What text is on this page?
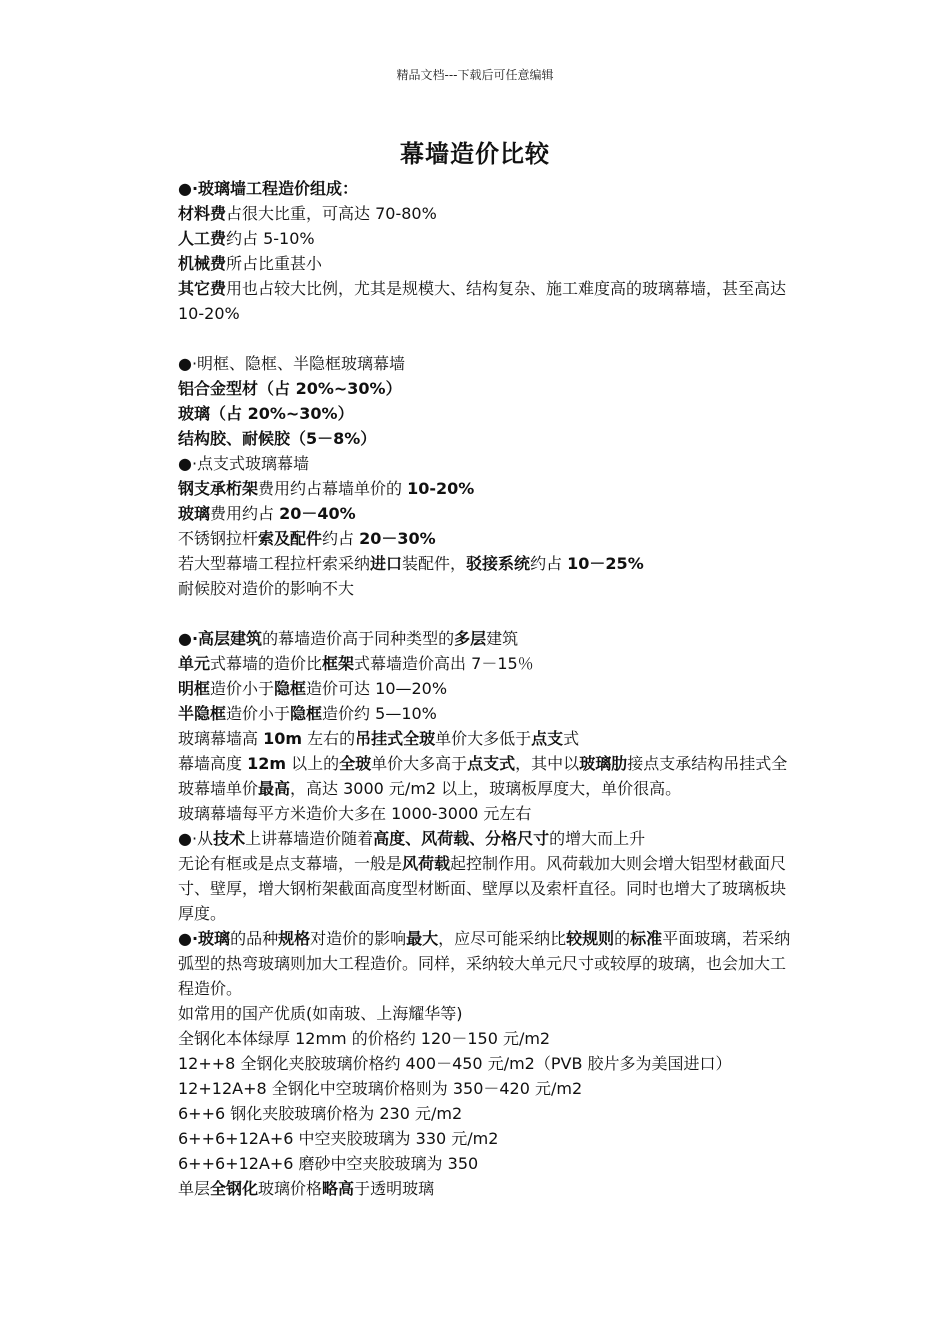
精品文档---下载后可任意编辑
幕墙造价比较
●·玻璃墙工程造价组成：
材料费占很大比重，可高达 70-80%
人工费约占 5-10%
机械费所占比重甚小
其它费用也占较大比例，尤其是规模大、结构复杂、施工难度高的玻璃幕墙，甚至高达 10-20%
●·明框、隐框、半隐框玻璃幕墙
铝合金型材（占 20%~30%）
玻璃（占 20%~30%）
结构胶、耐候胶（5－8%）
●·点支式玻璃幕墙
钢支承桁架费用约占幕墙单价的 10-20%
玻璃费用约占 20－40%
不锈钢拉杆索及配件约占 20－30%
若大型幕墙工程拉杆索采纳进口装配件，驳接系统约占 10－25%
耐候胶对造价的影响不大
●·高层建筑的幕墙造价高于同种类型的多层建筑
单元式幕墙的造价比框架式幕墙造价高出 7－15％
明框造价小于隐框造价可达 10—20%
半隐框造价小于隐框造价约 5—10%
玻璃幕墙高 10m 左右的吊挂式全玻单价大多低于点支式
幕墙高度 12m 以上的全玻单价大多高于点支式，其中以玻璃肋接点支承结构吊挂式全玻幕墙单价最高，高达 3000 元/m2 以上，玻璃板厚度大，单价很高。
玻璃幕墙每平方米造价大多在 1000-3000 元左右
●·从技术上讲幕墙造价随着高度、风荷载、分格尺寸的增大而上升
无论有框或是点支幕墙，一般是风荷载起控制作用。风荷载加大则会增大铝型材截面尺寸、壁厚，增大钢桁架截面高度型材断面、壁厚以及索杆直径。同时也增大了玻璃板块厚度。
●·玻璃的品种规格对造价的影响最大，应尽可能采纳比较规则的标准平面玻璃，若采纳弧型的热弯玻璃则加大工程造价。同样，采纳较大单元尺寸或较厚的玻璃，也会加大工程造价。
如常用的国产优质(如南玻、上海耀华等)
全钢化本体绿厚 12mm 的价格约 120－150 元/m2
12++8 全钢化夹胶玻璃价格约 400－450 元/m2（PVB 胶片多为美国进口）
12+12A+8 全钢化中空玻璃价格则为 350－420 元/m2
6++6 钢化夹胶玻璃价格为 230 元/m2
6++6+12A+6 中空夹胶玻璃为 330 元/m2
6++6+12A+6 磨砂中空夹胶玻璃为 350
单层全钢化玻璃价格略高于透明玻璃
